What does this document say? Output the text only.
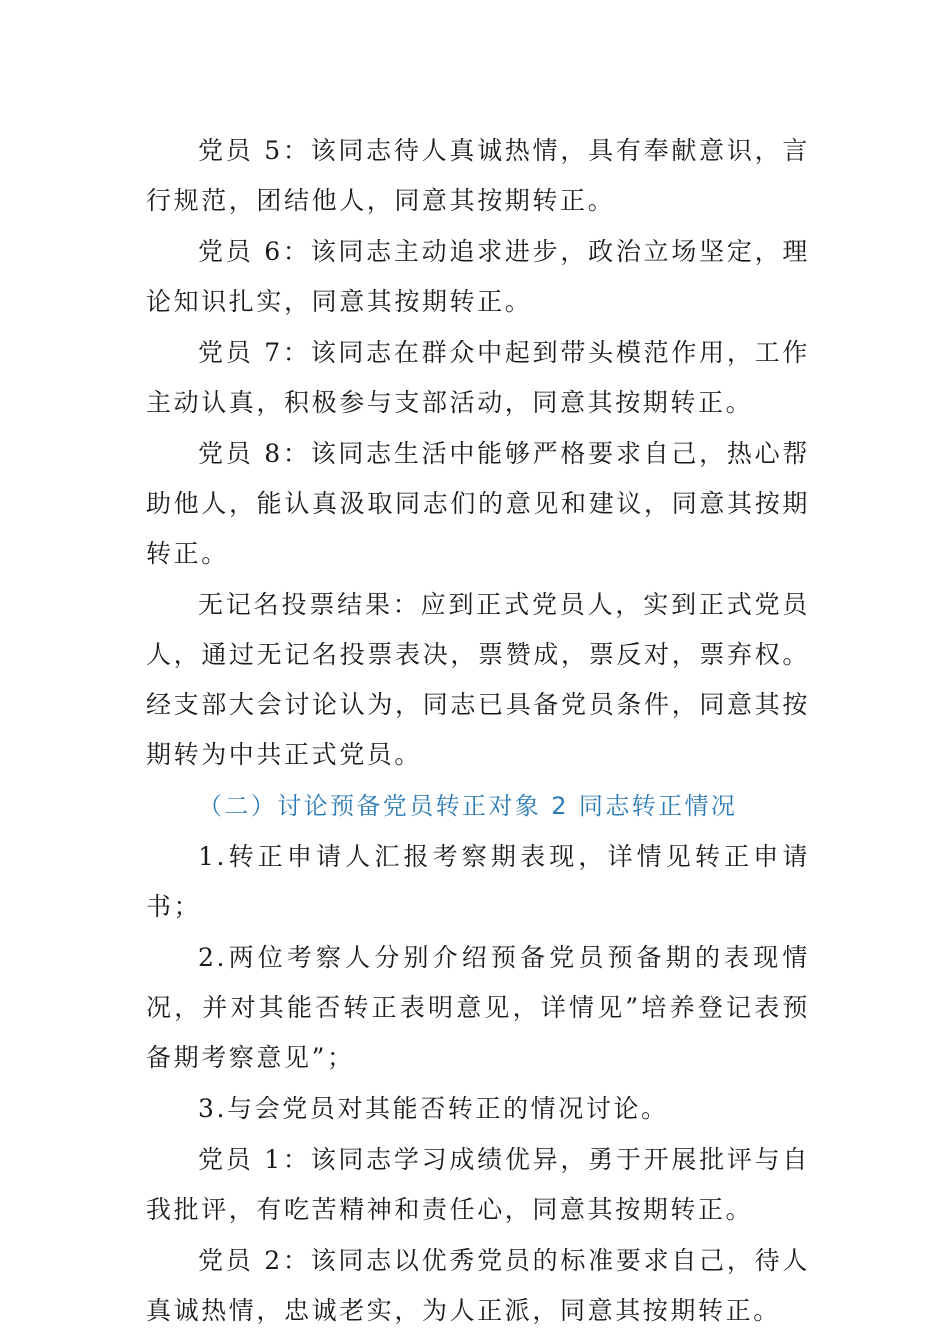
党员 5：该同志待人真诚热情，具有奉献意识，言行规范，团结他人，同意其按期转正。

党员 6：该同志主动追求进步，政治立场坚定，理论知识扎实，同意其按期转正。

党员 7：该同志在群众中起到带头模范作用，工作主动认真，积极参与支部活动，同意其按期转正。

党员 8：该同志生活中能够严格要求自己，热心帮助他人，能认真汲取同志们的意见和建议，同意其按期转正。

无记名投票结果：应到正式党员人，实到正式党员人，通过无记名投票表决，票赞成，票反对，票弃权。经支部大会讨论认为，同志已具备党员条件，同意其按期转为中共正式党员。

（二）讨论预备党员转正对象 2 同志转正情况

1.转正申请人汇报考察期表现，详情见转正申请书；

2.两位考察人分别介绍预备党员预备期的表现情况，并对其能否转正表明意见，详情见”培养登记表预备期考察意见”；

3.与会党员对其能否转正的情况讨论。

党员 1：该同志学习成绩优异，勇于开展批评与自我批评，有吃苦精神和责任心，同意其按期转正。

党员 2：该同志以优秀党员的标准要求自己，待人真诚热情，忠诚老实，为人正派，同意其按期转正。
